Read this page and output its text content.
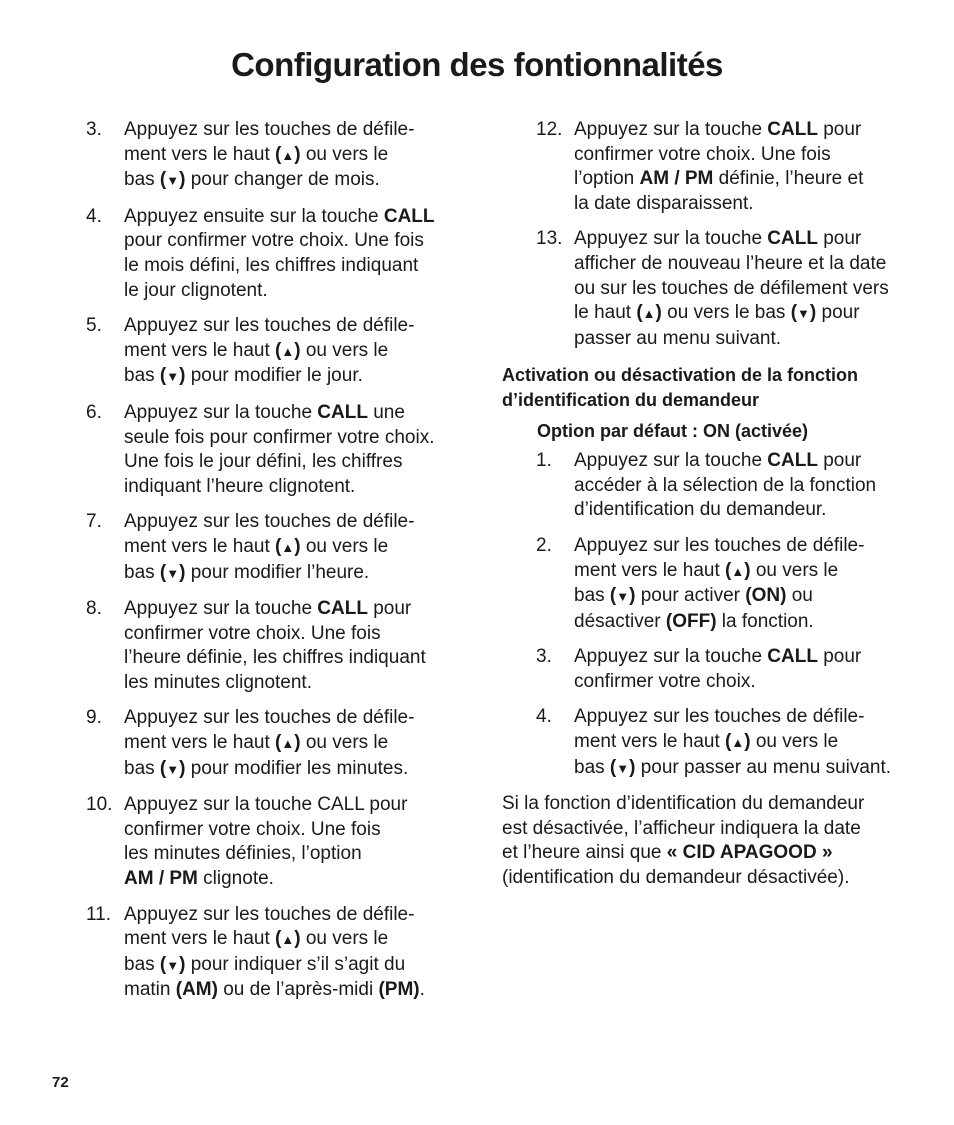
Configuration des fontionnalités
3. Appuyez sur les touches de défile-
ment vers le haut (▲) ou vers le
bas (▼) pour changer de mois.
4. Appuyez ensuite sur la touche CALL
pour confirmer votre choix. Une fois
le mois défini, les chiffres indiquant
le jour clignotent.
5. Appuyez sur les touches de défile-
ment vers le haut (▲) ou vers le
bas (▼) pour modifier le jour.
6. Appuyez sur la touche CALL une
seule fois pour confirmer votre choix.
Une fois le jour défini, les chiffres
indiquant l’heure clignotent.
7. Appuyez sur les touches de défile-
ment vers le haut (▲) ou vers le
bas (▼) pour modifier l’heure.
8. Appuyez sur la touche CALL pour
confirmer votre choix. Une fois
l’heure définie, les chiffres indiquant
les minutes clignotent.
9. Appuyez sur les touches de défile-
ment vers le haut (▲) ou vers le
bas (▼) pour modifier les minutes.
10. Appuyez sur la touche CALL pour
confirmer votre choix. Une fois
les minutes définies, l’option
AM / PM clignote.
11. Appuyez sur les touches de défile-
ment vers le haut (▲) ou vers le
bas (▼) pour indiquer s’il s’agit du
matin (AM) ou de l’après-midi (PM).
12. Appuyez sur la touche CALL pour
confirmer votre choix. Une fois
l’option AM / PM définie, l’heure et
la date disparaissent.
13. Appuyez sur la touche CALL pour
afficher de nouveau l’heure et la date
ou sur les touches de défilement vers
le haut (▲) ou vers le bas (▼) pour
passer au menu suivant.
Activation ou désactivation de la fonction
d’identification du demandeur
Option par défaut : ON (activée)
1. Appuyez sur la touche CALL pour
accéder à la sélection de la fonction
d’identification du demandeur.
2. Appuyez sur les touches de défile-
ment vers le haut (▲) ou vers le
bas (▼) pour activer (ON) ou
désactiver (OFF) la fonction.
3. Appuyez sur la touche CALL pour
confirmer votre choix.
4. Appuyez sur les touches de défile-
ment vers le haut (▲) ou vers le
bas (▼) pour passer au menu suivant.
Si la fonction d’identification du demandeur
est désactivée, l’afficheur indiquera la date
et l’heure ainsi que « CID APAGOOD »
(identification du demandeur désactivée).
72
